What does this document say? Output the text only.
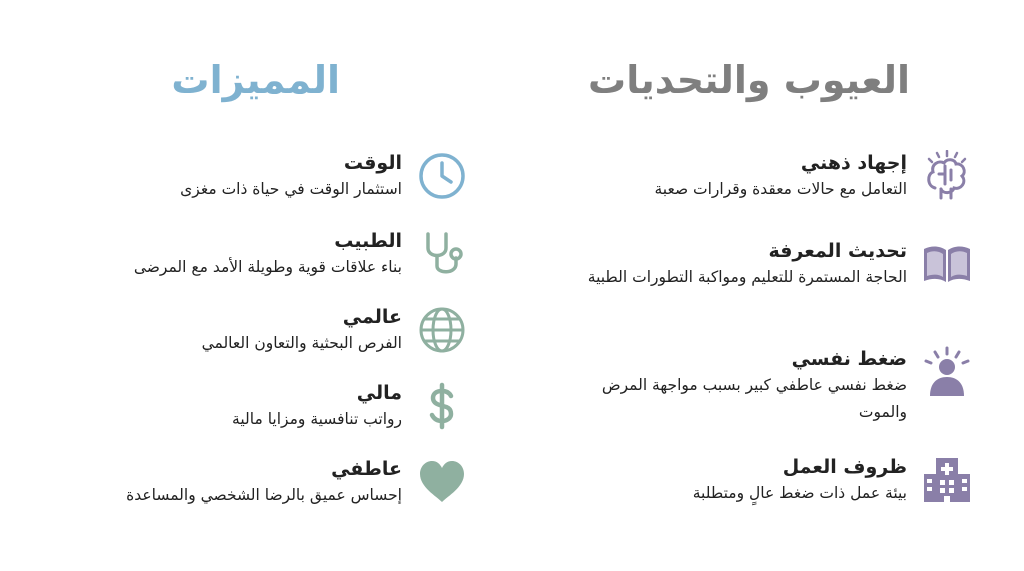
المميزات
الوقت
استثمار الوقت في حياة ذات مغزى
الطبيب
بناء علاقات قوية وطويلة الأمد مع المرضى
عالمي
الفرص البحثية والتعاون العالمي
مالي
رواتب تنافسية ومزايا مالية
عاطفي
إحساس عميق بالرضا الشخصي والمساعدة
العيوب والتحديات
إجهاد ذهني
التعامل مع حالات معقدة وقرارات صعبة
تحديث المعرفة
الحاجة المستمرة للتعليم ومواكبة التطورات الطبية
ضغط نفسي
ضغط نفسي عاطفي كبير بسبب مواجهة المرض والموت
ظروف العمل
بيئة عمل ذات ضغط عالٍ ومتطلبة
